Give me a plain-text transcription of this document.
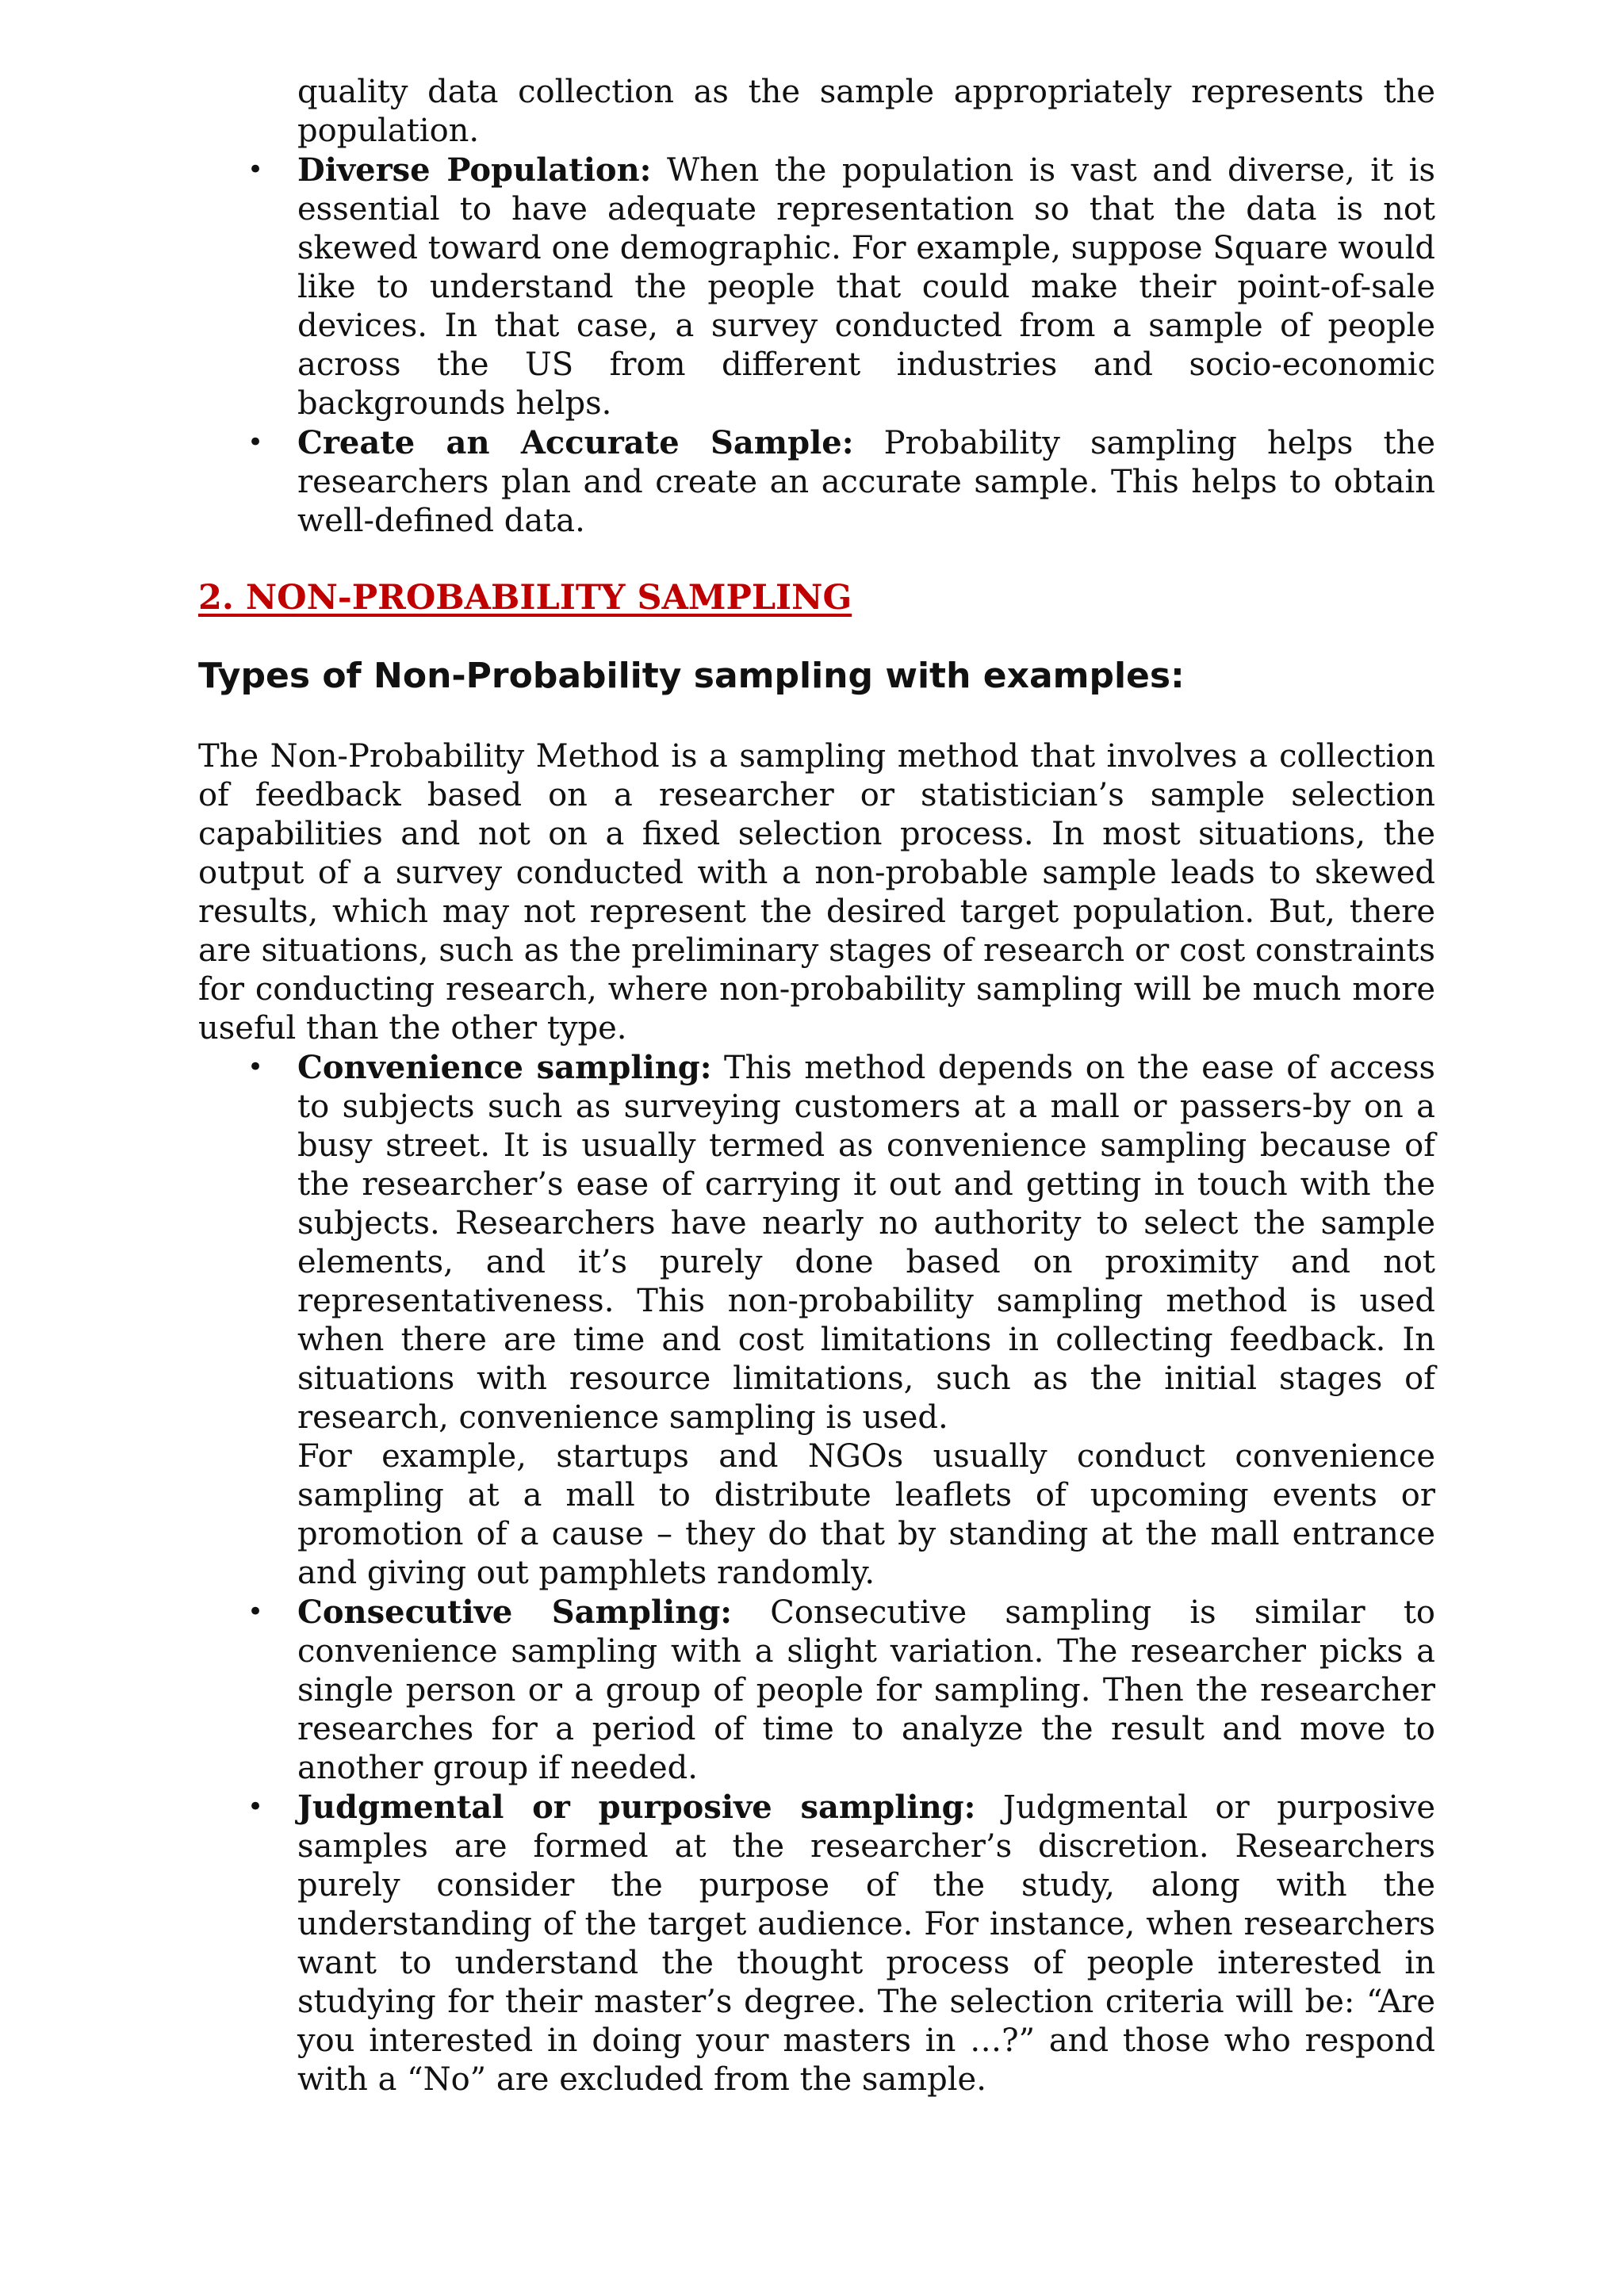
quality data collection as the sample appropriately represents the population.

• Diverse Population: When the population is vast and diverse, it is essential to have adequate representation so that the data is not skewed toward one demographic. For example, suppose Square would like to understand the people that could make their point-of-sale devices. In that case, a survey conducted from a sample of people across the US from different industries and socio-economic backgrounds helps.
• Create an Accurate Sample: Probability sampling helps the researchers plan and create an accurate sample. This helps to obtain well-defined data.
2. NON-PROBABILITY SAMPLING
Types of Non-Probability sampling with examples:

The Non-Probability Method is a sampling method that involves a collection of feedback based on a researcher or statistician’s sample selection capabilities and not on a fixed selection process. In most situations, the output of a survey conducted with a non-probable sample leads to skewed results, which may not represent the desired target population. But, there are situations, such as the preliminary stages of research or cost constraints for conducting research, where non-probability sampling will be much more useful than the other type.

• Convenience sampling: This method depends on the ease of access to subjects such as surveying customers at a mall or passers-by on a busy street. It is usually termed as convenience sampling because of the researcher’s ease of carrying it out and getting in touch with the subjects. Researchers have nearly no authority to select the sample elements, and it’s purely done based on proximity and not representativeness. This non-probability sampling method is used when there are time and cost limitations in collecting feedback. In situations with resource limitations, such as the initial stages of research, convenience sampling is used.
For example, startups and NGOs usually conduct convenience sampling at a mall to distribute leaflets of upcoming events or promotion of a cause – they do that by standing at the mall entrance and giving out pamphlets randomly.
• Consecutive Sampling: Consecutive sampling is similar to convenience sampling with a slight variation. The researcher picks a single person or a group of people for sampling. Then the researcher researches for a period of time to analyze the result and move to another group if needed.
• Judgmental or purposive sampling: Judgmental or purposive samples are formed at the researcher’s discretion. Researchers purely consider the purpose of the study, along with the understanding of the target audience. For instance, when researchers want to understand the thought process of people interested in studying for their master’s degree. The selection criteria will be: “Are you interested in doing your masters in …?” and those who respond with a “No” are excluded from the sample.
